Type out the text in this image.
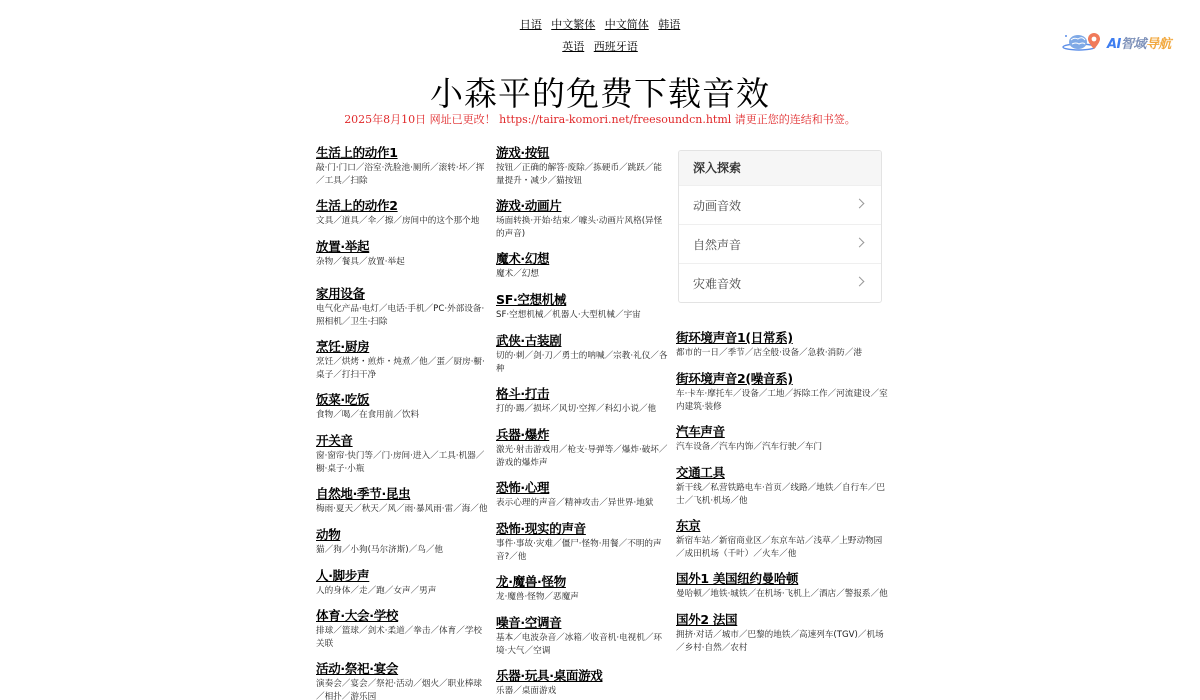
日语 中文繁体 中文简体 韩语
英语 西班牙语	AI智域导航
小森平的免费下载音效
2025年8月10日 网址已更改！ https://taira-komori.net/freesoundcn.html 请更正您的连结和书签。
生活上的动作1
敲·门·门口／浴室·洗脸池·厕所／滚转·坏／挥／工具／扫除
生活上的动作2
文具／道具／伞／擦／房间中的这个那个地
放置·举起
杂物／餐具／放置·举起
家用设备
电气化产品·电灯／电话·手机／PC·外部设备·照相机／卫生·扫除
烹饪·厨房
烹饪／烘烤・煎炸・炖煮／他／蛋／厨房·橱·桌子／打扫干净
饭菜·吃饭
食物／喝／在食用前／饮料
开关音
窗·窗帘·快门等／门·房间·进入／工具·机器／橱·桌子·小瓶
自然地·季节·昆虫
梅雨·夏天／秋天／风／雨·暴风雨·雷／海／他
动物
猫／狗／小狗(马尔济斯)／鸟／他
人·脚步声
人的身体／走／跑／女声／男声
体育·大会·学校
排球／篮球／剑术·柔道／拳击／体育／学校关联
活动·祭祀·宴会
演奏会／宴会／祭祀·活动／烟火／职业棒球／相扑／游乐园
游戏·按钮
按钮／正确的解答·废除／拣硬币／跳跃／能量提升・减少／猫按钮
游戏·动画片
场面转换·开始·结束／噱头·动画片风格(异怪的声音)
魔术·幻想
魔术／幻想
SF·空想机械
SF·空想机械／机器人·大型机械／宇宙
武侠·古装剧
切的·刺／剑·刀／勇士的呐喊／宗教·礼仪／各种
格斗·打击
打的·踢／损坏／风切·空挥／科幻小说／他
兵器·爆炸
激光·射击游戏用／枪支·导弹等／爆炸·破坏／游戏的爆炸声
恐怖·心理
表示心理的声音／精神攻击／异世界·地狱
恐怖·现实的声音
事件·事故·灾难／僵尸·怪物·用餐／不明的声音?／他
龙·魔兽·怪物
龙·魔兽·怪物／恶魔声
噪音·空调音
基本／电波杂音／冰箱／收音机·电视机／环境·大气／空调
乐器·玩具·桌面游戏
乐器／桌面游戏
深入探索
动画音效
自然声音
灾难音效
街环境声音1(日常系)
都市的一日／季节／店全般·设备／急救·消防／港
街环境声音2(噪音系)
车·卡车·摩托车／设备／工地／拆除工作／河流建设／室内建筑·装修
汽车声音
汽车设备／汽车内饰／汽车行驶／车门
交通工具
新干线／私营铁路电车·首页／线路／地铁／自行车／巴士／飞机·机场／他
东京
新宿车站／新宿商业区／东京车站／浅草／上野动物园／成田机场（千叶）／火车／他
国外1 美国纽约曼哈顿
曼哈顿／地铁·城铁／在机场·飞机上／酒店／警报系／他
国外2 法国
拥挤·对话／城市／巴黎的地铁／高速列车(TGV)／机场／乡村·自然／农村
